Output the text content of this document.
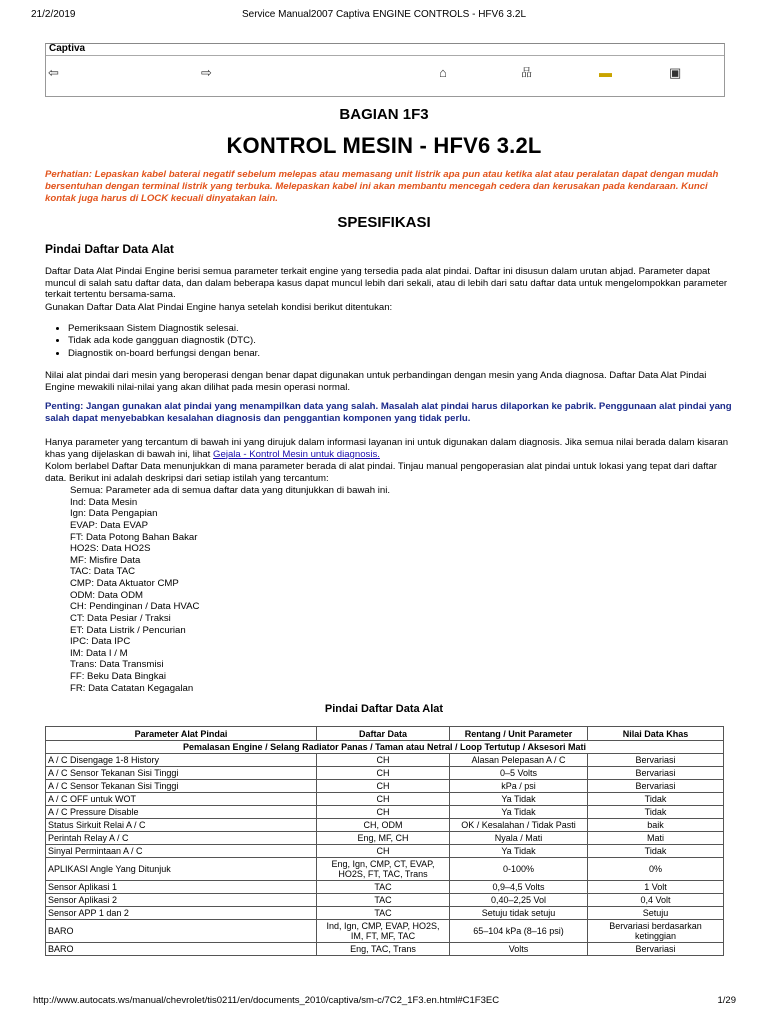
21/2/2019	Service Manual2007 Captiva ENGINE CONTROLS - HFV6 3.2L
Captiva
⇦	⇨	⌂	品	▬	▣
BAGIAN 1F3
KONTROL MESIN - HFV6 3.2L
Perhatian: Lepaskan kabel baterai negatif sebelum melepas atau memasang unit listrik apa pun atau ketika alat atau peralatan dapat dengan mudah bersentuhan dengan terminal listrik yang terbuka. Melepaskan kabel ini akan membantu mencegah cedera dan kerusakan pada kendaraan. Kunci kontak juga harus di LOCK kecuali dinyatakan lain.
SPESIFIKASI
Pindai Daftar Data Alat
Daftar Data Alat Pindai Engine berisi semua parameter terkait engine yang tersedia pada alat pindai. Daftar ini disusun dalam urutan abjad. Parameter dapat muncul di salah satu daftar data, dan dalam beberapa kasus dapat muncul lebih dari sekali, atau di lebih dari satu daftar data untuk mengelompokkan parameter terkait tertentu bersama-sama.
Gunakan Daftar Data Alat Pindai Engine hanya setelah kondisi berikut ditentukan:
• Pemeriksaan Sistem Diagnostik selesai.
• Tidak ada kode gangguan diagnostik (DTC).
• Diagnostik on-board berfungsi dengan benar.
Nilai alat pindai dari mesin yang beroperasi dengan benar dapat digunakan untuk perbandingan dengan mesin yang Anda diagnosa. Daftar Data Alat Pindai Engine mewakili nilai-nilai yang akan dilihat pada mesin operasi normal.
Penting: Jangan gunakan alat pindai yang menampilkan data yang salah. Masalah alat pindai harus dilaporkan ke pabrik. Penggunaan alat pindai yang salah dapat menyebabkan kesalahan diagnosis dan penggantian komponen yang tidak perlu.
Hanya parameter yang tercantum di bawah ini yang dirujuk dalam informasi layanan ini untuk digunakan dalam diagnosis. Jika semua nilai berada dalam kisaran khas yang dijelaskan di bawah ini, lihat Gejala - Kontrol Mesin untuk diagnosis.
Kolom berlabel Daftar Data menunjukkan di mana parameter berada di alat pindai. Tinjau manual pengoperasian alat pindai untuk lokasi yang tepat dari daftar data. Berikut ini adalah deskripsi dari setiap istilah yang tercantum:
Semua: Parameter ada di semua daftar data yang ditunjukkan di bawah ini.
Ind: Data Mesin
Ign: Data Pengapian
EVAP: Data EVAP
FT: Data Potong Bahan Bakar
HO2S: Data HO2S
MF: Misfire Data
TAC: Data TAC
CMP: Data Aktuator CMP
ODM: Data ODM
CH: Pendinginan / Data HVAC
CT: Data Pesiar / Traksi
ET: Data Listrik / Pencurian
IPC: Data IPC
IM: Data I / M
Trans: Data Transmisi
FF: Beku Data Bingkai
FR: Data Catatan Kegagalan
Pindai Daftar Data Alat
Parameter Alat Pindai	Daftar Data	Rentang / Unit Parameter	Nilai Data Khas
Pemalasan Engine / Selang Radiator Panas / Taman atau Netral / Loop Tertutup / Aksesori Mati			
A / C Disengage 1-8 History	CH	Alasan Pelepasan A / C	Bervariasi
A / C Sensor Tekanan Sisi Tinggi	CH	0–5 Volts	Bervariasi
A / C Sensor Tekanan Sisi Tinggi	CH	kPa / psi	Bervariasi
A / C OFF untuk WOT	CH	Ya Tidak	Tidak
A / C Pressure Disable	CH	Ya Tidak	Tidak
Status Sirkuit Relai A / C	CH, ODM	OK / Kesalahan / Tidak Pasti	baik
Perintah Relay A / C	Eng, MF, CH	Nyala / Mati	Mati
Sinyal Permintaan A / C	CH	Ya Tidak	Tidak
APLIKASI Angle Yang Ditunjuk	Eng, Ign, CMP, CT, EVAP, HO2S, FT, TAC, Trans	0-100%	0%
Sensor Aplikasi 1	TAC	0,9–4,5 Volts	1 Volt
Sensor Aplikasi 2	TAC	0,40–2,25 Vol	0,4 Volt
Sensor APP 1 dan 2	TAC	Setuju tidak setuju	Setuju
BARO	Ind, Ign, CMP, EVAP, HO2S, IM, FT, MF, TAC	65–104 kPa (8–16 psi)	Bervariasi berdasarkan ketinggian
BARO	Eng, TAC, Trans	Volts	Bervariasi
http://www.autocats.ws/manual/chevrolet/tis0211/en/documents_2010/captiva/sm-c/7C2_1F3.en.html#C1F3EC	1/29
